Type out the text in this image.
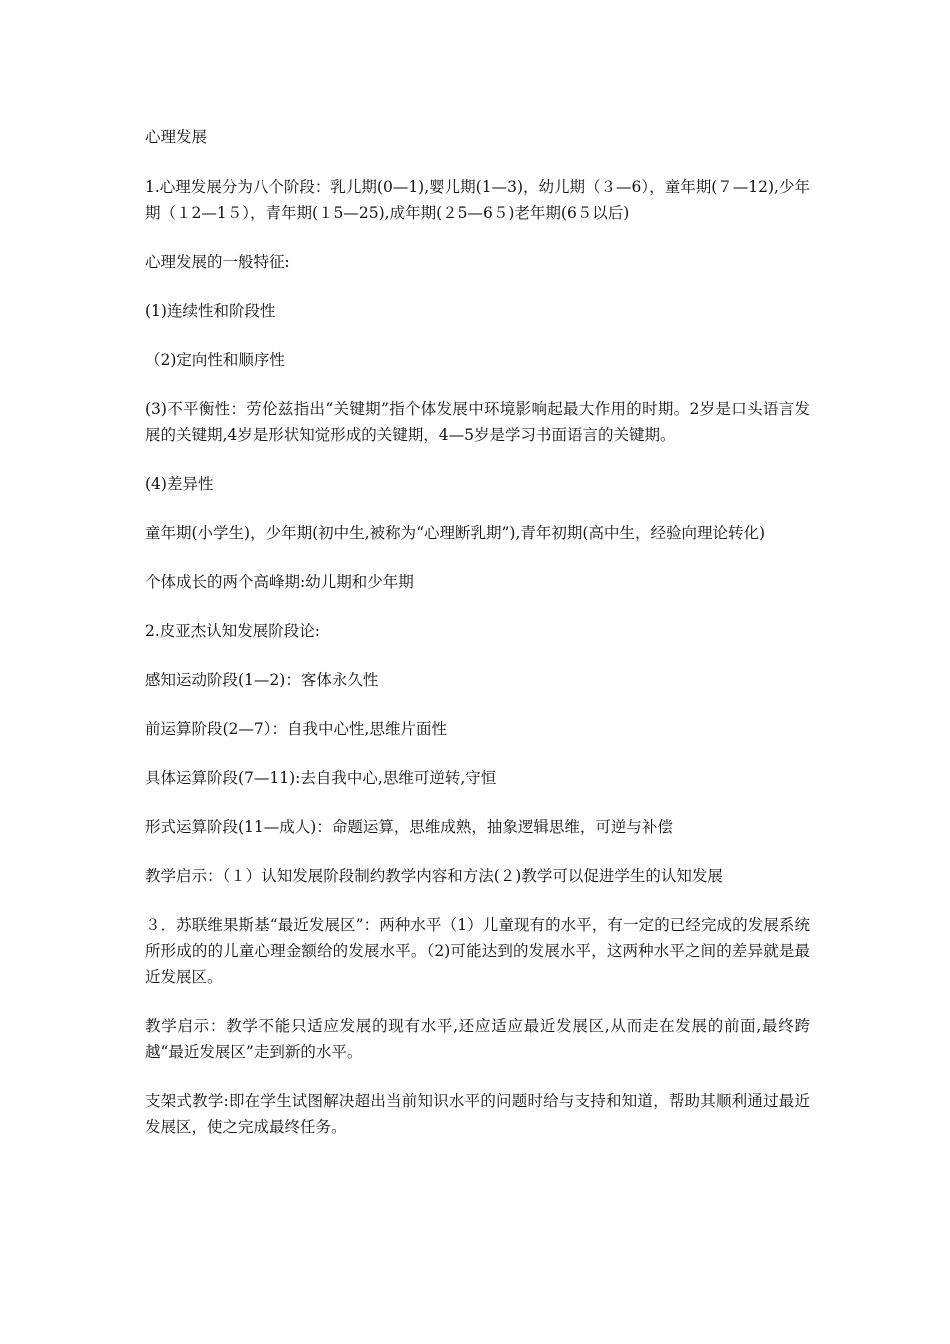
心理发展

1.心理发展分为八个阶段：乳儿期(0—1),婴儿期(1—3)，幼儿期（３—6），童年期(７—12),少年期（１2—1５），青年期(１5—25),成年期(２5—6５)老年期(6５以后)

心理发展的一般特征:

(1)连续性和阶段性

（2)定向性和顺序性

(3)不平衡性：劳伦兹指出“关键期”指个体发展中环境影响起最大作用的时期。2岁是口头语言发展的关键期,4岁是形状知觉形成的关键期，4—5岁是学习书面语言的关键期。

(4)差异性

童年期(小学生)，少年期(初中生,被称为“心理断乳期”),青年初期(高中生，经验向理论转化)

个体成长的两个高峰期:幼儿期和少年期

2.皮亚杰认知发展阶段论:

感知运动阶段(1—2)：客体永久性

前运算阶段(2—7）：自我中心性,思维片面性

具体运算阶段(7—11):去自我中心,思维可逆转,守恒

形式运算阶段(11—成人)：命题运算，思维成熟，抽象逻辑思维，可逆与补偿

教学启示：（１）认知发展阶段制约教学内容和方法(２)教学可以促进学生的认知发展

３．苏联维果斯基“最近发展区”：两种水平（1）儿童现有的水平，有一定的已经完成的发展系统所形成的的儿童心理金额给的发展水平。（2)可能达到的发展水平，这两种水平之间的差异就是最近发展区。

教学启示：教学不能只适应发展的现有水平,还应适应最近发展区,从而走在发展的前面,最终跨越“最近发展区”走到新的水平。

支架式教学:即在学生试图解决超出当前知识水平的问题时给与支持和知道，帮助其顺利通过最近发展区，使之完成最终任务。
